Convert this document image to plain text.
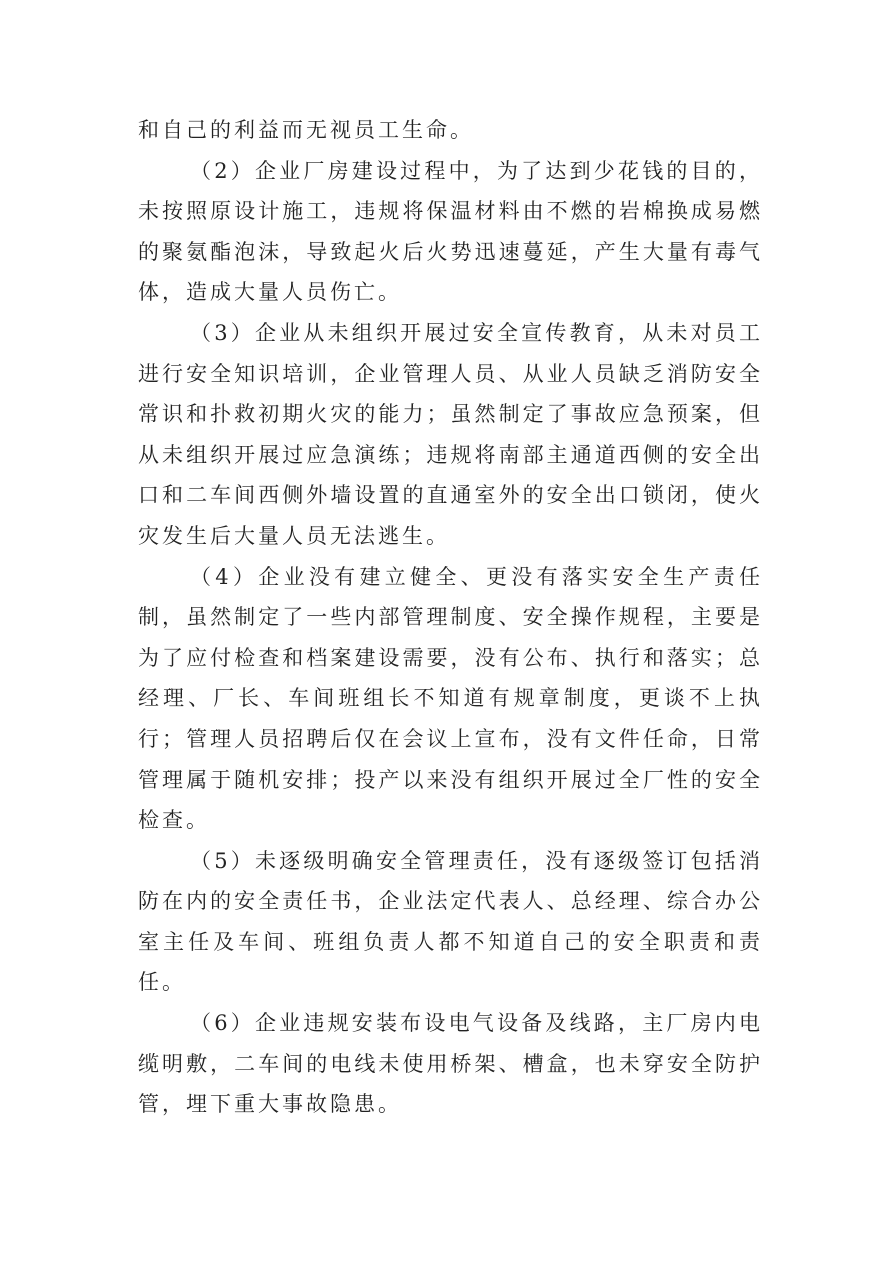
和自己的利益而无视员工生命。

（2）企业厂房建设过程中，为了达到少花钱的目的，未按照原设计施工，违规将保温材料由不燃的岩棉换成易燃的聚氨酯泡沫，导致起火后火势迅速蔓延，产生大量有毒气体，造成大量人员伤亡。

（3）企业从未组织开展过安全宣传教育，从未对员工进行安全知识培训，企业管理人员、从业人员缺乏消防安全常识和扑救初期火灾的能力；虽然制定了事故应急预案，但从未组织开展过应急演练；违规将南部主通道西侧的安全出口和二车间西侧外墙设置的直通室外的安全出口锁闭，使火灾发生后大量人员无法逃生。

（4）企业没有建立健全、更没有落实安全生产责任制，虽然制定了一些内部管理制度、安全操作规程，主要是为了应付检查和档案建设需要，没有公布、执行和落实；总经理、厂长、车间班组长不知道有规章制度，更谈不上执行；管理人员招聘后仅在会议上宣布，没有文件任命，日常管理属于随机安排；投产以来没有组织开展过全厂性的安全检查。

（5）未逐级明确安全管理责任，没有逐级签订包括消防在内的安全责任书，企业法定代表人、总经理、综合办公室主任及车间、班组负责人都不知道自己的安全职责和责任。

（6）企业违规安装布设电气设备及线路，主厂房内电缆明敷，二车间的电线未使用桥架、槽盒，也未穿安全防护管，埋下重大事故隐患。
